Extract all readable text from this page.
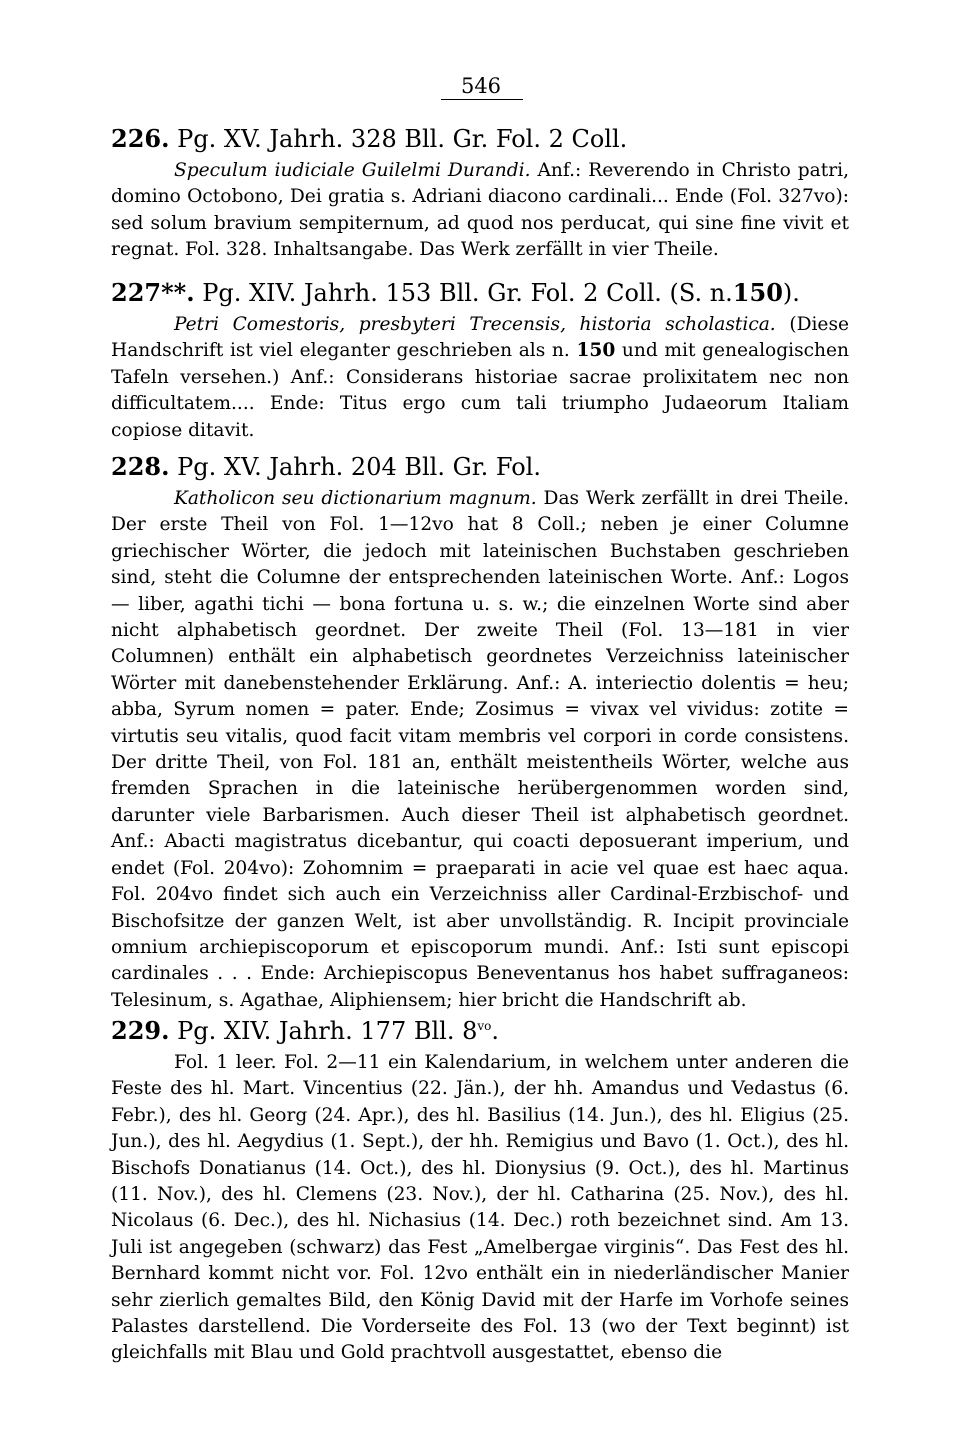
546
226. Pg. XV. Jahrh. 328 Bll. Gr. Fol. 2 Coll.

Speculum iudiciale Guilelmi Durandi. Anf.: Reverendo in Christo patri, domino Octobono, Dei gratia s. Adriani diacono cardinali... Ende (Fol. 327vo): sed solum bravium sempiternum, ad quod nos perducat, qui sine fine vivit et regnat. Fol. 328. Inhaltsangabe. Das Werk zerfällt in vier Theile.

227**. Pg. XIV. Jahrh. 153 Bll. Gr. Fol. 2 Coll. (S. n.150).

Petri Comestoris, presbyteri Trecensis, historia scholastica. (Diese Handschrift ist viel eleganter geschrieben als n. 150 und mit genealogischen Tafeln versehen.) Anf.: Considerans historiae sacrae prolixitatem nec non difficultatem.... Ende: Titus ergo cum tali triumpho Judaeorum Italiam copiose ditavit.

228. Pg. XV. Jahrh. 204 Bll. Gr. Fol.

Katholicon seu dictionarium magnum. Das Werk zerfällt in drei Theile. Der erste Theil von Fol. 1—12vo hat 8 Coll.; neben je einer Columne griechischer Wörter, die jedoch mit lateinischen Buchstaben geschrieben sind, steht die Columne der entsprechenden lateinischen Worte. Anf.: Logos — liber, agathi tichi — bona fortuna u. s. w.; die einzelnen Worte sind aber nicht alphabetisch geordnet. Der zweite Theil (Fol. 13—181 in vier Columnen) enthält ein alphabetisch geordnetes Verzeichniss lateinischer Wörter mit danebenstehender Erklärung. Anf.: A. interiectio dolentis = heu; abba, Syrum nomen = pater. Ende; Zosimus = vivax vel vividus: zotite = virtutis seu vitalis, quod facit vitam membris vel corpori in corde consistens. Der dritte Theil, von Fol. 181 an, enthält meistentheils Wörter, welche aus fremden Sprachen in die lateinische herübergenommen worden sind, darunter viele Barbarismen. Auch dieser Theil ist alphabetisch geordnet. Anf.: Abacti magistratus dicebantur, qui coacti deposuerant imperium, und endet (Fol. 204vo): Zohomnim = praeparati in acie vel quae est haec aqua. Fol. 204vo findet sich auch ein Verzeichniss aller Cardinal-Erzbischof- und Bischofsitze der ganzen Welt, ist aber unvollständig. R. Incipit provinciale omnium archiepiscoporum et episcoporum mundi. Anf.: Isti sunt episcopi cardinales . . . Ende: Archiepiscopus Beneventanus hos habet suffraganeos: Telesinum, s. Agathae, Aliphiensem; hier bricht die Handschrift ab.

229. Pg. XIV. Jahrh. 177 Bll. $8^{vo}$.

Fol. 1 leer. Fol. 2—11 ein Kalendarium, in welchem unter anderen die Feste des hl. Mart. Vincentius (22. Jän.), der hh. Amandus und Vedastus (6. Febr.), des hl. Georg (24. Apr.), des hl. Basilius (14. Jun.), des hl. Eligius (25. Jun.), des hl. Aegydius (1. Sept.), der hh. Remigius und Bavo (1. Oct.), des hl. Bischofs Donatianus (14. Oct.), des hl. Dionysius (9. Oct.), des hl. Martinus (11. Nov.), des hl. Clemens (23. Nov.), der hl. Catharina (25. Nov.), des hl. Nicolaus (6. Dec.), des hl. Nichasius (14. Dec.) roth bezeichnet sind. Am 13. Juli ist angegeben (schwarz) das Fest „Amelbergae virginis“. Das Fest des hl. Bernhard kommt nicht vor. Fol. 12vo enthält ein in niederländischer Manier sehr zierlich gemaltes Bild, den König David mit der Harfe im Vorhofe seines Palastes darstellend. Die Vorderseite des Fol. 13 (wo der Text beginnt) ist gleichfalls mit Blau und Gold prachtvoll ausgestattet, ebenso die
